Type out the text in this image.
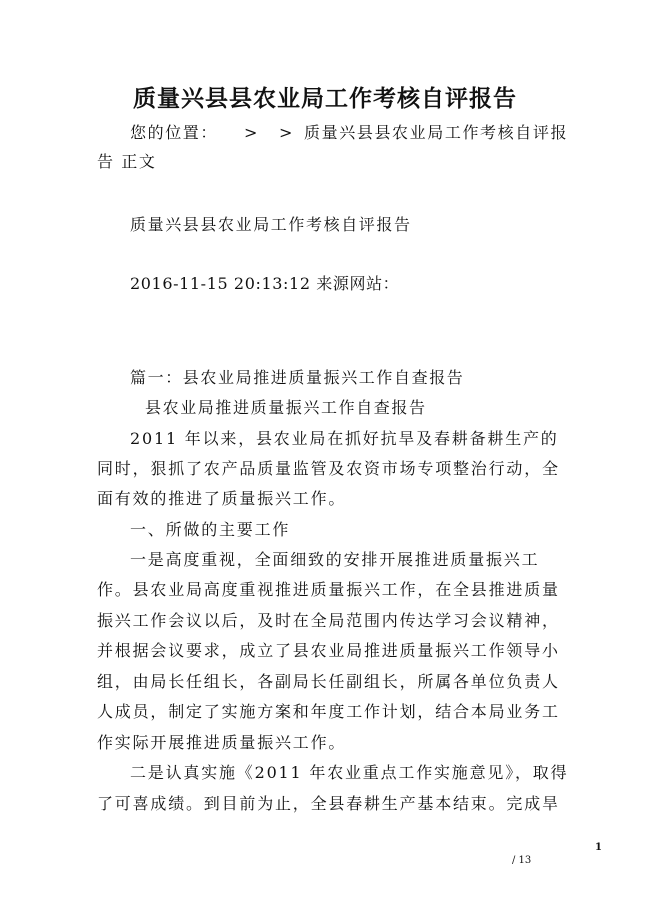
质量兴县县农业局工作考核自评报告
您的位置： > > 质量兴县县农业局工作考核自评报
告 正文
质量兴县县农业局工作考核自评报告
2016-11-15 20:13:12 来源网站：
篇一：县农业局推进质量振兴工作自查报告
县农业局推进质量振兴工作自查报告
2011 年以来，县农业局在抓好抗旱及春耕备耕生产的
同时，狠抓了农产品质量监管及农资市场专项整治行动，全
面有效的推进了质量振兴工作。
一、所做的主要工作
一是高度重视，全面细致的安排开展推进质量振兴工
作。县农业局高度重视推进质量振兴工作，在全县推进质量
振兴工作会议以后，及时在全局范围内传达学习会议精神，
并根据会议要求，成立了县农业局推进质量振兴工作领导小
组，由局长任组长，各副局长任副组长，所属各单位负责人
人成员，制定了实施方案和年度工作计划，结合本局业务工
作实际开展推进质量振兴工作。
二是认真实施《2011 年农业重点工作实施意见》，取得
了可喜成绩。到目前为止，全县春耕生产基本结束。完成旱
1
/ 13
